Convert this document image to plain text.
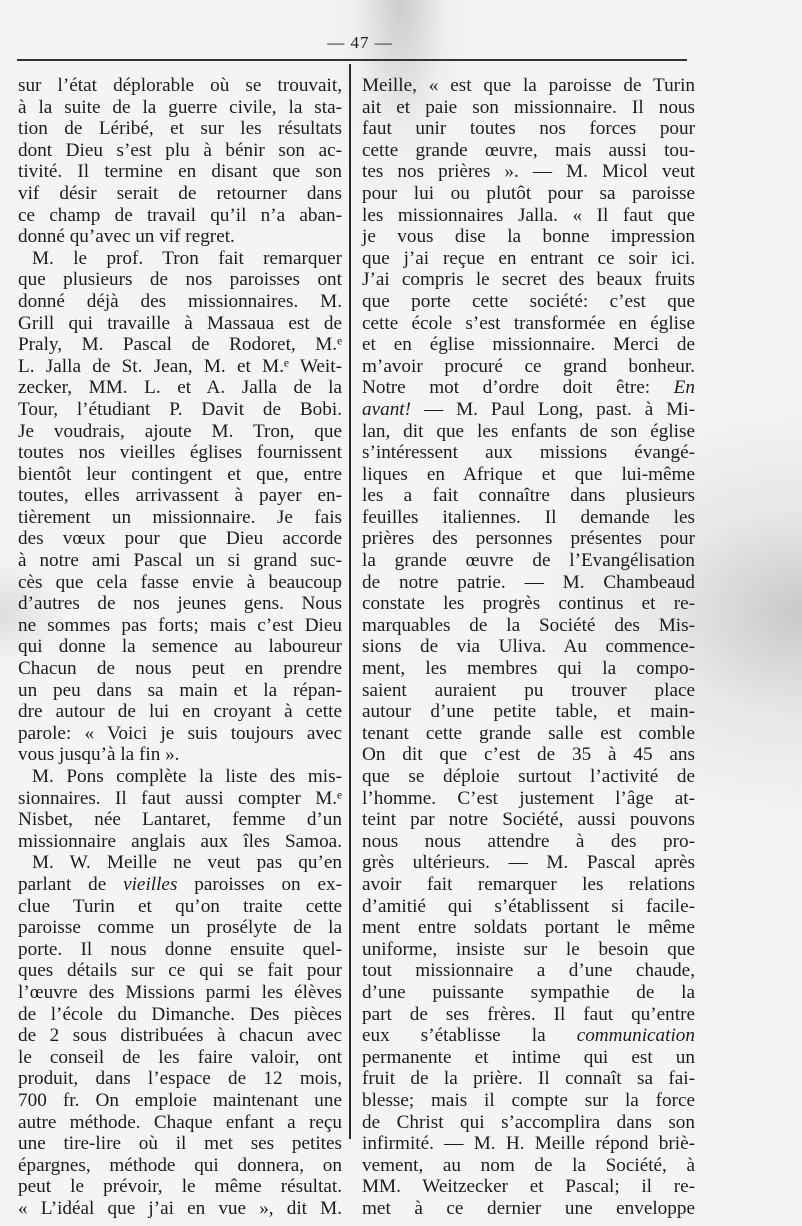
— 47 —
sur l’état déplorable où se trouvait,
à la suite de la guerre civile, la sta-
tion de Léribé, et sur les résultats
dont Dieu s’est plu à bénir son ac-
tivité. Il termine en disant que son
vif désir serait de retourner dans
ce champ de travail qu’il n’a aban-
donné qu’avec un vif regret.
M. le prof. Tron fait remarquer
que plusieurs de nos paroisses ont
donné déjà des missionnaires. M.
Grill qui travaille à Massaua est de
Praly, M. Pascal de Rodoret, M.ᵉ
L. Jalla de St. Jean, M. et M.ᵉ Weit-
zecker, MM. L. et A. Jalla de la
Tour, l’étudiant P. Davit de Bobi.
Je voudrais, ajoute M. Tron, que
toutes nos vieilles églises fournissent
bientôt leur contingent et que, entre
toutes, elles arrivassent à payer en-
tièrement un missionnaire. Je fais
des vœux pour que Dieu accorde
à notre ami Pascal un si grand suc-
cès que cela fasse envie à beaucoup
d’autres de nos jeunes gens. Nous
ne sommes pas forts; mais c’est Dieu
qui donne la semence au laboureur
Chacun de nous peut en prendre
un peu dans sa main et la répan-
dre autour de lui en croyant à cette
parole: « Voici je suis toujours avec
vous jusqu’à la fin ».
M. Pons complète la liste des mis-
sionnaires. Il faut aussi compter M.ᵉ
Nisbet, née Lantaret, femme d’un
missionnaire anglais aux îles Samoa.
M. W. Meille ne veut pas qu’en
parlant de vieilles paroisses on ex-
clue Turin et qu’on traite cette
paroisse comme un prosélyte de la
porte. Il nous donne ensuite quel-
ques détails sur ce qui se fait pour
l’œuvre des Missions parmi les élèves
de l’école du Dimanche. Des pièces
de 2 sous distribuées à chacun avec
le conseil de les faire valoir, ont
produit, dans l’espace de 12 mois,
700 fr. On emploie maintenant une
autre méthode. Chaque enfant a reçu
une tire-lire où il met ses petites
épargnes, méthode qui donnera, on
peut le prévoir, le même résultat.
« L’idéal que j’ai en vue », dit M.
Meille, « est que la paroisse de Turin
ait et paie son missionnaire. Il nous
faut unir toutes nos forces pour
cette grande œuvre, mais aussi tou-
tes nos prières ». — M. Micol veut
pour lui ou plutôt pour sa paroisse
les missionnaires Jalla. « Il faut que
je vous dise la bonne impression
que j’ai reçue en entrant ce soir ici.
J’ai compris le secret des beaux fruits
que porte cette société: c’est que
cette école s’est transformée en église
et en église missionnaire. Merci de
m’avoir procuré ce grand bonheur.
Notre mot d’ordre doit être: En
avant! — M. Paul Long, past. à Mi-
lan, dit que les enfants de son église
s’intéressent aux missions évangé-
liques en Afrique et que lui-même
les a fait connaître dans plusieurs
feuilles italiennes. Il demande les
prières des personnes présentes pour
la grande œuvre de l’Evangélisation
de notre patrie. — M. Chambeaud
constate les progrès continus et re-
marquables de la Société des Mis-
sions de via Uliva. Au commence-
ment, les membres qui la compo-
saient auraient pu trouver place
autour d’une petite table, et main-
tenant cette grande salle est comble
On dit que c’est de 35 à 45 ans
que se déploie surtout l’activité de
l’homme. C’est justement l’âge at-
teint par notre Société, aussi pouvons
nous nous attendre à des pro-
grès ultérieurs. — M. Pascal après
avoir fait remarquer les relations
d’amitié qui s’établissent si facile-
ment entre soldats portant le même
uniforme, insiste sur le besoin que
tout missionnaire a d’une chaude,
d’une puissante sympathie de la
part de ses frères. Il faut qu’entre
eux s’établisse la communication
permanente et intime qui est un
fruit de la prière. Il connaît sa fai-
blesse; mais il compte sur la force
de Christ qui s’accomplira dans son
infirmité. — M. H. Meille répond briè-
vement, au nom de la Société, à
MM. Weitzecker et Pascal; il re-
met à ce dernier une enveloppe
